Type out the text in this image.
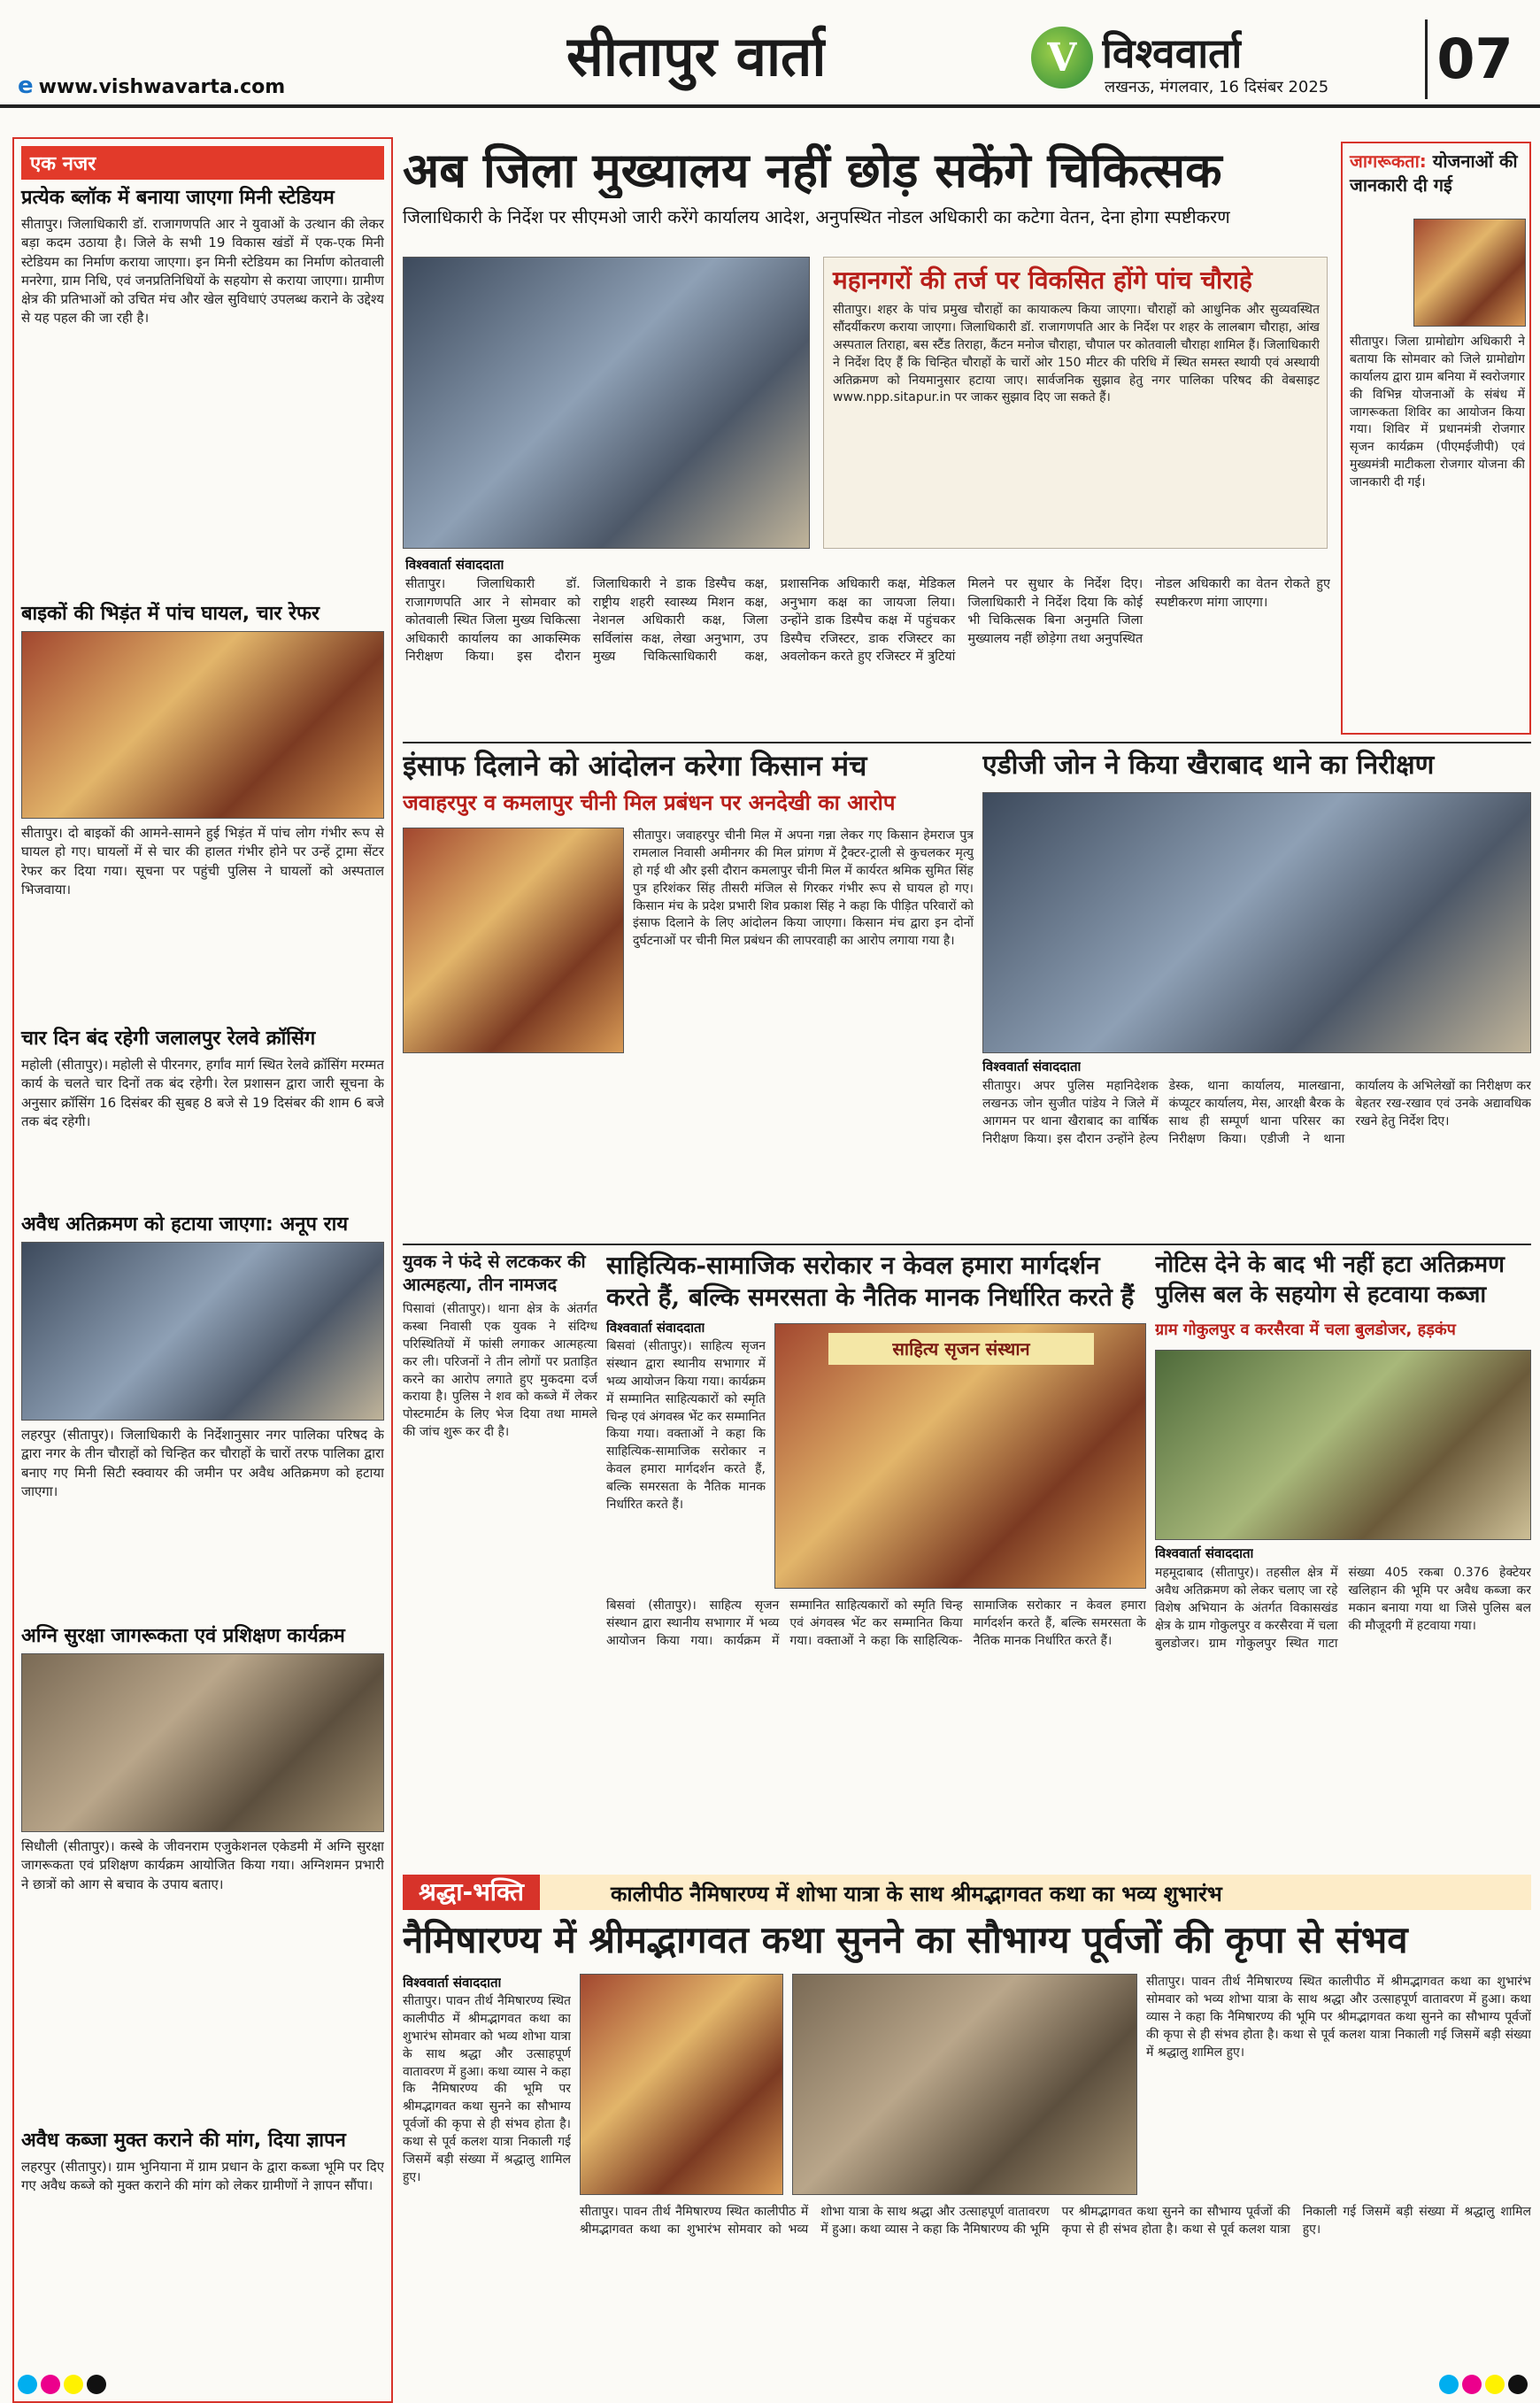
e www.vishwavarta.com	सीतापुर वार्ता	V विश्ववार्ता
लखनऊ, मंगलवार, 16 दिसंबर 2025 07
एक नजर
प्रत्येक ब्लॉक में बनाया जाएगा मिनी स्टेडियम
सीतापुर। जिलाधिकारी डॉ. राजागणपति आर ने युवाओं के उत्थान की लेकर बड़ा कदम उठाया है। जिले के सभी 19 विकास खंडों में एक-एक मिनी स्टेडियम का निर्माण कराया जाएगा। इन मिनी स्टेडियम का निर्माण कोतवाली मनरेगा, ग्राम निधि, एवं जनप्रतिनिधियों के सहयोग से कराया जाएगा। ग्रामीण क्षेत्र की प्रतिभाओं को उचित मंच और खेल सुविधाएं उपलब्ध कराने के उद्देश्य से यह पहल की जा रही है।
बाइकों की भिड़ंत में पांच घायल, चार रेफर
सीतापुर। दो बाइकों की आमने-सामने हुई भिड़ंत में पांच लोग गंभीर रूप से घायल हो गए। घायलों में से चार की हालत गंभीर होने पर उन्हें ट्रामा सेंटर रेफर कर दिया गया। सूचना पर पहुंची पुलिस ने घायलों को अस्पताल भिजवाया।
चार दिन बंद रहेगी जलालपुर रेलवे क्रॉसिंग
महोली (सीतापुर)। महोली से पीरनगर, हर्गांव मार्ग स्थित रेलवे क्रॉसिंग मरम्मत कार्य के चलते चार दिनों तक बंद रहेगी। रेल प्रशासन द्वारा जारी सूचना के अनुसार क्रॉसिंग 16 दिसंबर की सुबह 8 बजे से 19 दिसंबर की शाम 6 बजे तक बंद रहेगी।
अवैध अतिक्रमण को हटाया जाएगा: अनूप राय
लहरपुर (सीतापुर)। जिलाधिकारी के निर्देशानुसार नगर पालिका परिषद के द्वारा नगर के तीन चौराहों को चिन्हित कर चौराहों के चारों तरफ पालिका द्वारा बनाए गए मिनी सिटी स्क्वायर की जमीन पर अवैध अतिक्रमण को हटाया जाएगा।
अग्नि सुरक्षा जागरूकता एवं प्रशिक्षण कार्यक्रम
सिधौली (सीतापुर)। कस्बे के जीवनराम एजुकेशनल एकेडमी में अग्नि सुरक्षा जागरूकता एवं प्रशिक्षण कार्यक्रम आयोजित किया गया। अग्निशमन प्रभारी ने छात्रों को आग से बचाव के उपाय बताए।
अवैध कब्जा मुक्त कराने की मांग, दिया ज्ञापन
लहरपुर (सीतापुर)। ग्राम भुनियाना में ग्राम प्रधान के द्वारा कब्जा भूमि पर दिए गए अवैध कब्जे को मुक्त कराने की मांग को लेकर ग्रामीणों ने ज्ञापन सौंपा।
अब जिला मुख्यालय नहीं छोड़ सकेंगे चिकित्सक
जिलाधिकारी के निर्देश पर सीएमओ जारी करेंगे कार्यालय आदेश, अनुपस्थित नोडल अधिकारी का कटेगा वेतन, देना होगा स्पष्टीकरण
महानगरों की तर्ज पर विकसित होंगे पांच चौराहे
सीतापुर। शहर के पांच प्रमुख चौराहों का कायाकल्प किया जाएगा। चौराहों को आधुनिक और सुव्यवस्थित सौंदर्यीकरण कराया जाएगा। जिलाधिकारी डॉ. राजागणपति आर के निर्देश पर शहर के लालबाग चौराहा, आंख अस्पताल तिराहा, बस स्टैंड तिराहा, कैंटन मनोज चौराहा, चौपाल पर कोतवाली चौराहा शामिल हैं। जिलाधिकारी ने निर्देश दिए हैं कि चिन्हित चौराहों के चारों ओर 150 मीटर की परिधि में स्थित समस्त स्थायी एवं अस्थायी अतिक्रमण को नियमानुसार हटाया जाए। सार्वजनिक सुझाव हेतु नगर पालिका परिषद की वेबसाइट www.npp.sitapur.in पर जाकर सुझाव दिए जा सकते हैं।
विश्ववार्ता संवाददाता
सीतापुर। जिलाधिकारी डॉ. राजागणपति आर ने सोमवार को कोतवाली स्थित जिला मुख्य चिकित्सा अधिकारी कार्यालय का आकस्मिक निरीक्षण किया। इस दौरान जिलाधिकारी ने डाक डिस्पैच कक्ष, राष्ट्रीय शहरी स्वास्थ्य मिशन कक्ष, नेशनल अधिकारी कक्ष, जिला सर्विलांस कक्ष, लेखा अनुभाग, उप मुख्य चिकित्साधिकारी कक्ष, प्रशासनिक अधिकारी कक्ष, मेडिकल अनुभाग कक्ष का जायजा लिया। उन्होंने डाक डिस्पैच कक्ष में पहुंचकर डिस्पैच रजिस्टर, डाक रजिस्टर का अवलोकन करते हुए रजिस्टर में त्रुटियां मिलने पर सुधार के निर्देश दिए। जिलाधिकारी ने निर्देश दिया कि कोई भी चिकित्सक बिना अनुमति जिला मुख्यालय नहीं छोड़ेगा तथा अनुपस्थित नोडल अधिकारी का वेतन रोकते हुए स्पष्टीकरण मांगा जाएगा।
जागरूकता: योजनाओं की जानकारी दी गई
सीतापुर। जिला ग्रामोद्योग अधिकारी ने बताया कि सोमवार को जिले ग्रामोद्योग कार्यालय द्वारा ग्राम बनिया में स्वरोजगार की विभिन्न योजनाओं के संबंध में जागरूकता शिविर का आयोजन किया गया। शिविर में प्रधानमंत्री रोजगार सृजन कार्यक्रम (पीएमईजीपी) एवं मुख्यमंत्री माटीकला रोजगार योजना की जानकारी दी गई।
इंसाफ दिलाने को आंदोलन करेगा किसान मंच
जवाहरपुर व कमलापुर चीनी मिल प्रबंधन पर अनदेखी का आरोप
सीतापुर। जवाहरपुर चीनी मिल में अपना गन्ना लेकर गए किसान हेमराज पुत्र रामलाल निवासी अमीनगर की मिल प्रांगण में ट्रैक्टर-ट्राली से कुचलकर मृत्यु हो गई थी और इसी दौरान कमलापुर चीनी मिल में कार्यरत श्रमिक सुमित सिंह पुत्र हरिशंकर सिंह तीसरी मंजिल से गिरकर गंभीर रूप से घायल हो गए। किसान मंच के प्रदेश प्रभारी शिव प्रकाश सिंह ने कहा कि पीड़ित परिवारों को इंसाफ दिलाने के लिए आंदोलन किया जाएगा। किसान मंच द्वारा इन दोनों दुर्घटनाओं पर चीनी मिल प्रबंधन की लापरवाही का आरोप लगाया गया है।
एडीजी जोन ने किया खैराबाद थाने का निरीक्षण
विश्ववार्ता संवाददाता
सीतापुर। अपर पुलिस महानिदेशक लखनऊ जोन सुजीत पांडेय ने जिले में आगमन पर थाना खैराबाद का वार्षिक निरीक्षण किया। इस दौरान उन्होंने हेल्प डेस्क, थाना कार्यालय, मालखाना, कंप्यूटर कार्यालय, मेस, आरक्षी बैरक के साथ ही सम्पूर्ण थाना परिसर का निरीक्षण किया। एडीजी ने थाना कार्यालय के अभिलेखों का निरीक्षण कर बेहतर रख-रखाव एवं उनके अद्यावधिक रखने हेतु निर्देश दिए।
युवक ने फंदे से लटककर की आत्महत्या, तीन नामजद
पिसावां (सीतापुर)। थाना क्षेत्र के अंतर्गत कस्बा निवासी एक युवक ने संदिग्ध परिस्थितियों में फांसी लगाकर आत्महत्या कर ली। परिजनों ने तीन लोगों पर प्रताड़ित करने का आरोप लगाते हुए मुकदमा दर्ज कराया है। पुलिस ने शव को कब्जे में लेकर पोस्टमार्टम के लिए भेज दिया तथा मामले की जांच शुरू कर दी है।
साहित्यिक-सामाजिक सरोकार न केवल हमारा मार्गदर्शन करते हैं, बल्कि समरसता के नैतिक मानक निर्धारित करते हैं
विश्ववार्ता संवाददाता
बिसवां (सीतापुर)। साहित्य सृजन संस्थान द्वारा स्थानीय सभागार में भव्य आयोजन किया गया। कार्यक्रम में सम्मानित साहित्यकारों को स्मृति चिन्ह एवं अंगवस्त्र भेंट कर सम्मानित किया गया। वक्ताओं ने कहा कि साहित्यिक-सामाजिक सरोकार न केवल हमारा मार्गदर्शन करते हैं, बल्कि समरसता के नैतिक मानक निर्धारित करते हैं।
साहित्य सृजन संस्थान
बिसवां (सीतापुर)। साहित्य सृजन संस्थान द्वारा स्थानीय सभागार में भव्य आयोजन किया गया। कार्यक्रम में सम्मानित साहित्यकारों को स्मृति चिन्ह एवं अंगवस्त्र भेंट कर सम्मानित किया गया। वक्ताओं ने कहा कि साहित्यिक-सामाजिक सरोकार न केवल हमारा मार्गदर्शन करते हैं, बल्कि समरसता के नैतिक मानक निर्धारित करते हैं।
नोटिस देने के बाद भी नहीं हटा अतिक्रमण पुलिस बल के सहयोग से हटवाया कब्जा
ग्राम गोकुलपुर व करसैरवा में चला बुलडोजर, हड़कंप
विश्ववार्ता संवाददाता
महमूदाबाद (सीतापुर)। तहसील क्षेत्र में अवैध अतिक्रमण को लेकर चलाए जा रहे विशेष अभियान के अंतर्गत विकासखंड क्षेत्र के ग्राम गोकुलपुर व करसैरवा में चला बुलडोजर। ग्राम गोकुलपुर स्थित गाटा संख्या 405 रकबा 0.376 हेक्टेयर खलिहान की भूमि पर अवैध कब्जा कर मकान बनाया गया था जिसे पुलिस बल की मौजूदगी में हटवाया गया।
श्रद्धा-भक्ति	कालीपीठ नैमिषारण्य में शोभा यात्रा के साथ श्रीमद्भागवत कथा का भव्य शुभारंभ
नैमिषारण्य में श्रीमद्भागवत कथा सुनने का सौभाग्य पूर्वजों की कृपा से संभव
विश्ववार्ता संवाददाता
सीतापुर। पावन तीर्थ नैमिषारण्य स्थित कालीपीठ में श्रीमद्भागवत कथा का शुभारंभ सोमवार को भव्य शोभा यात्रा के साथ श्रद्धा और उत्साहपूर्ण वातावरण में हुआ। कथा व्यास ने कहा कि नैमिषारण्य की भूमि पर श्रीमद्भागवत कथा सुनने का सौभाग्य पूर्वजों की कृपा से ही संभव होता है। कथा से पूर्व कलश यात्रा निकाली गई जिसमें बड़ी संख्या में श्रद्धालु शामिल हुए।
सीतापुर। पावन तीर्थ नैमिषारण्य स्थित कालीपीठ में श्रीमद्भागवत कथा का शुभारंभ सोमवार को भव्य शोभा यात्रा के साथ श्रद्धा और उत्साहपूर्ण वातावरण में हुआ। कथा व्यास ने कहा कि नैमिषारण्य की भूमि पर श्रीमद्भागवत कथा सुनने का सौभाग्य पूर्वजों की कृपा से ही संभव होता है। कथा से पूर्व कलश यात्रा निकाली गई जिसमें बड़ी संख्या में श्रद्धालु शामिल हुए।
सीतापुर। पावन तीर्थ नैमिषारण्य स्थित कालीपीठ में श्रीमद्भागवत कथा का शुभारंभ सोमवार को भव्य शोभा यात्रा के साथ श्रद्धा और उत्साहपूर्ण वातावरण में हुआ। कथा व्यास ने कहा कि नैमिषारण्य की भूमि पर श्रीमद्भागवत कथा सुनने का सौभाग्य पूर्वजों की कृपा से ही संभव होता है। कथा से पूर्व कलश यात्रा निकाली गई जिसमें बड़ी संख्या में श्रद्धालु शामिल हुए।
